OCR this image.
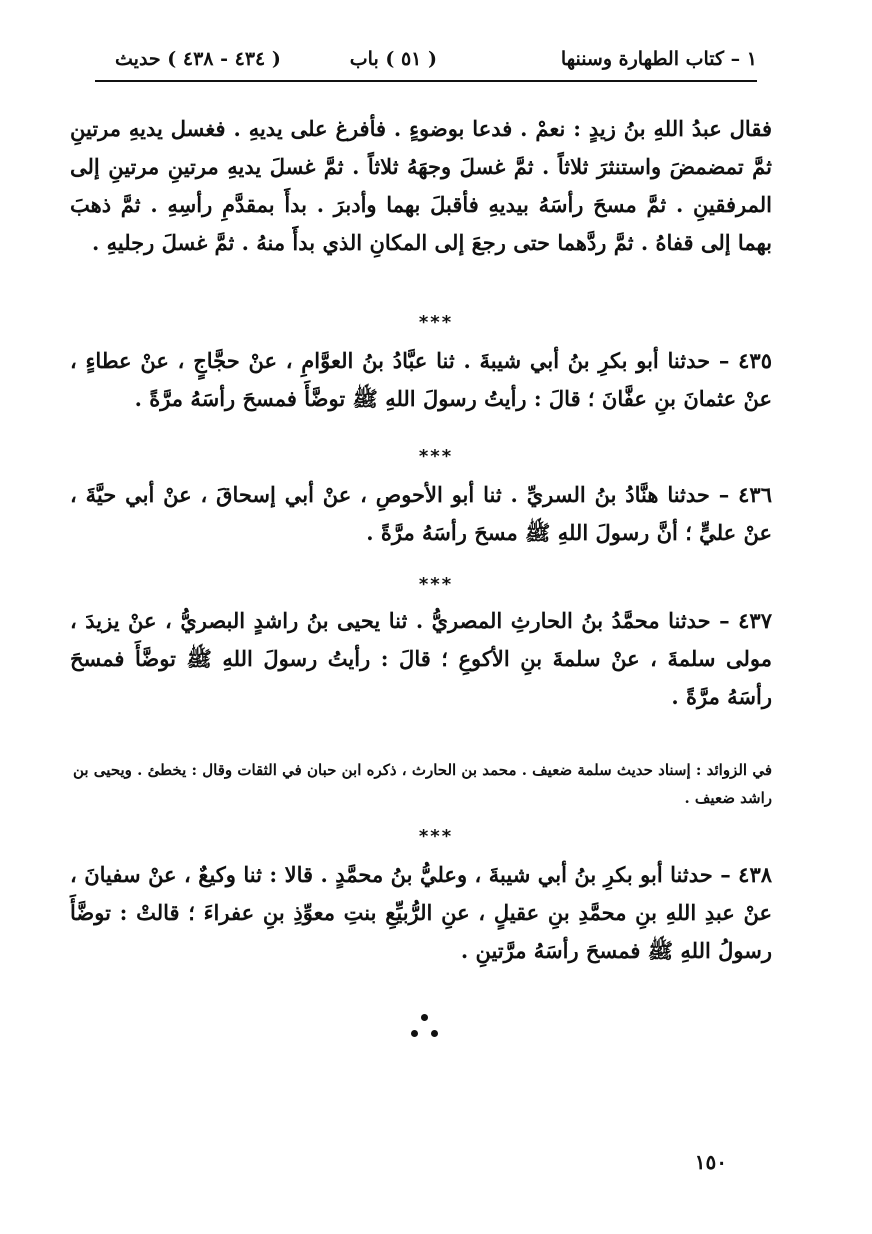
١ – كتاب الطهارة وسننها
( ٥١ ) باب
( ٤٣٤ - ٤٣٨ ) حديث
فقال عبدُ اللهِ بنُ زيدٍ : نعمْ . فدعا بوضوءٍ . فأفرغ على يديهِ . فغسل يديهِ مرتينِ ثمَّ تمضمضَ واستنثرَ ثلاثاً . ثمَّ غسلَ وجهَهُ ثلاثاً . ثمَّ غسلَ يديهِ مرتينِ مرتينِ إلى المرفقينِ . ثمَّ مسحَ رأسَهُ بيديهِ فأقبلَ بهما وأدبرَ . بدأَ بمقدَّمِ رأسِهِ . ثمَّ ذهبَ بهما إلى قفاهُ . ثمَّ ردَّهما حتى رجعَ إلى المكانِ الذي بدأَ منهُ . ثمَّ غسلَ رجليهِ .
***
٤٣٥ – حدثنا أبو بكرِ بنُ أبي شيبةَ . ثنا عبَّادُ بنُ العوَّامِ ، عنْ حجَّاجٍ ، عنْ عطاءٍ ، عنْ عثمانَ بنِ عفَّانَ ؛ قالَ : رأيتُ رسولَ اللهِ ﷺ توضَّأَ فمسحَ رأسَهُ مرَّةً .
***
٤٣٦ – حدثنا هنَّادُ بنُ السريِّ . ثنا أبو الأحوصِ ، عنْ أبي إسحاقَ ، عنْ أبي حيَّةَ ، عنْ عليٍّ ؛ أنَّ رسولَ اللهِ ﷺ مسحَ رأسَهُ مرَّةً .
***
٤٣٧ – حدثنا محمَّدُ بنُ الحارثِ المصريُّ . ثنا يحيى بنُ راشدٍ البصريُّ ، عنْ يزيدَ ، مولى سلمةَ ، عنْ سلمةَ بنِ الأكوعِ ؛ قالَ : رأيتُ رسولَ اللهِ ﷺ توضَّأَ فمسحَ رأسَهُ مرَّةً .
في الزوائد : إسناد حديث سلمة ضعيف . محمد بن الحارث ، ذكره ابن حبان في الثقات وقال : يخطئ . ويحيى بن راشد ضعيف .
***
٤٣٨ – حدثنا أبو بكرِ بنُ أبي شيبةَ ، وعليُّ بنُ محمَّدٍ . قالا : ثنا وكيعٌ ، عنْ سفيانَ ، عنْ عبدِ اللهِ بنِ محمَّدِ بنِ عقيلٍ ، عنِ الرُّبيِّعِ بنتِ معوِّذِ بنِ عفراءَ ؛ قالتْ : توضَّأَ رسولُ اللهِ ﷺ فمسحَ رأسَهُ مرَّتينِ .
١٥٠
